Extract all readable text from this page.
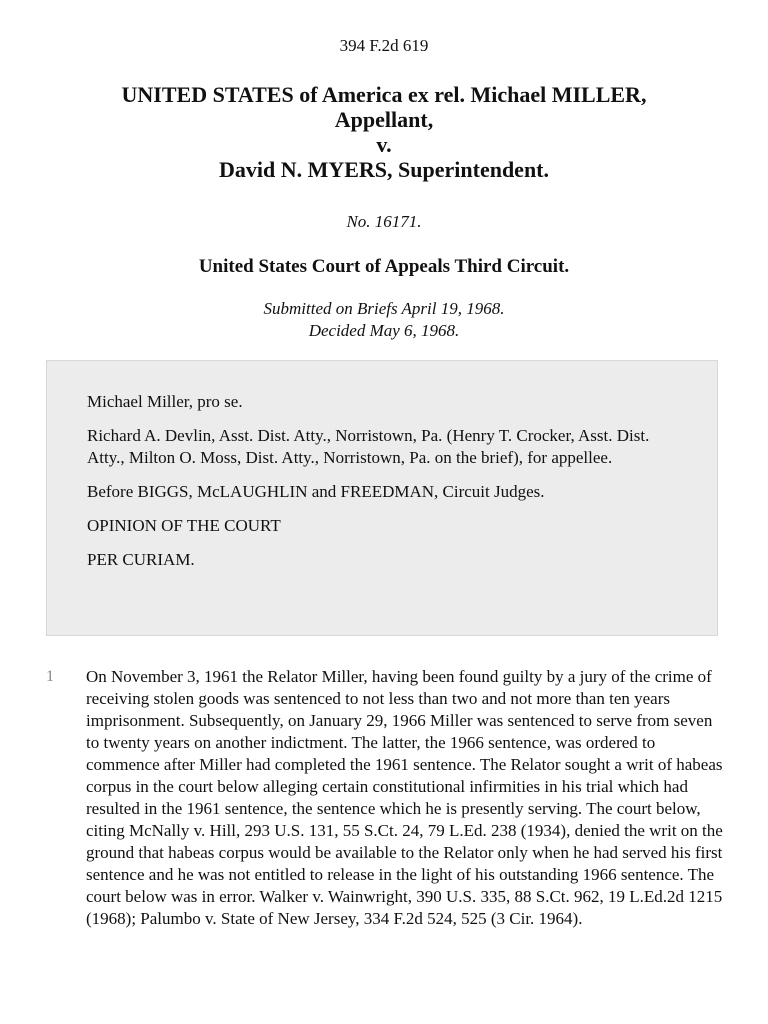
394 F.2d 619
UNITED STATES of America ex rel. Michael MILLER,
Appellant,
v.
David N. MYERS, Superintendent.
No. 16171.
United States Court of Appeals Third Circuit.
Submitted on Briefs April 19, 1968.
Decided May 6, 1968.

Michael Miller, pro se.

Richard A. Devlin, Asst. Dist. Atty., Norristown, Pa. (Henry T. Crocker, Asst. Dist. Atty., Milton O. Moss, Dist. Atty., Norristown, Pa. on the brief), for appellee.

Before BIGGS, McLAUGHLIN and FREEDMAN, Circuit Judges.

OPINION OF THE COURT

PER CURIAM.

1 On November 3, 1961 the Relator Miller, having been found guilty by a jury of the crime of receiving stolen goods was sentenced to not less than two and not more than ten years imprisonment. Subsequently, on January 29, 1966 Miller was sentenced to serve from seven to twenty years on another indictment. The latter, the 1966 sentence, was ordered to commence after Miller had completed the 1961 sentence. The Relator sought a writ of habeas corpus in the court below alleging certain constitutional infirmities in his trial which had resulted in the 1961 sentence, the sentence which he is presently serving. The court below, citing McNally v. Hill, 293 U.S. 131, 55 S.Ct. 24, 79 L.Ed. 238 (1934), denied the writ on the ground that habeas corpus would be available to the Relator only when he had served his first sentence and he was not entitled to release in the light of his outstanding 1966 sentence. The court below was in error. Walker v. Wainwright, 390 U.S. 335, 88 S.Ct. 962, 19 L.Ed.2d 1215 (1968); Palumbo v. State of New Jersey, 334 F.2d 524, 525 (3 Cir. 1964).
